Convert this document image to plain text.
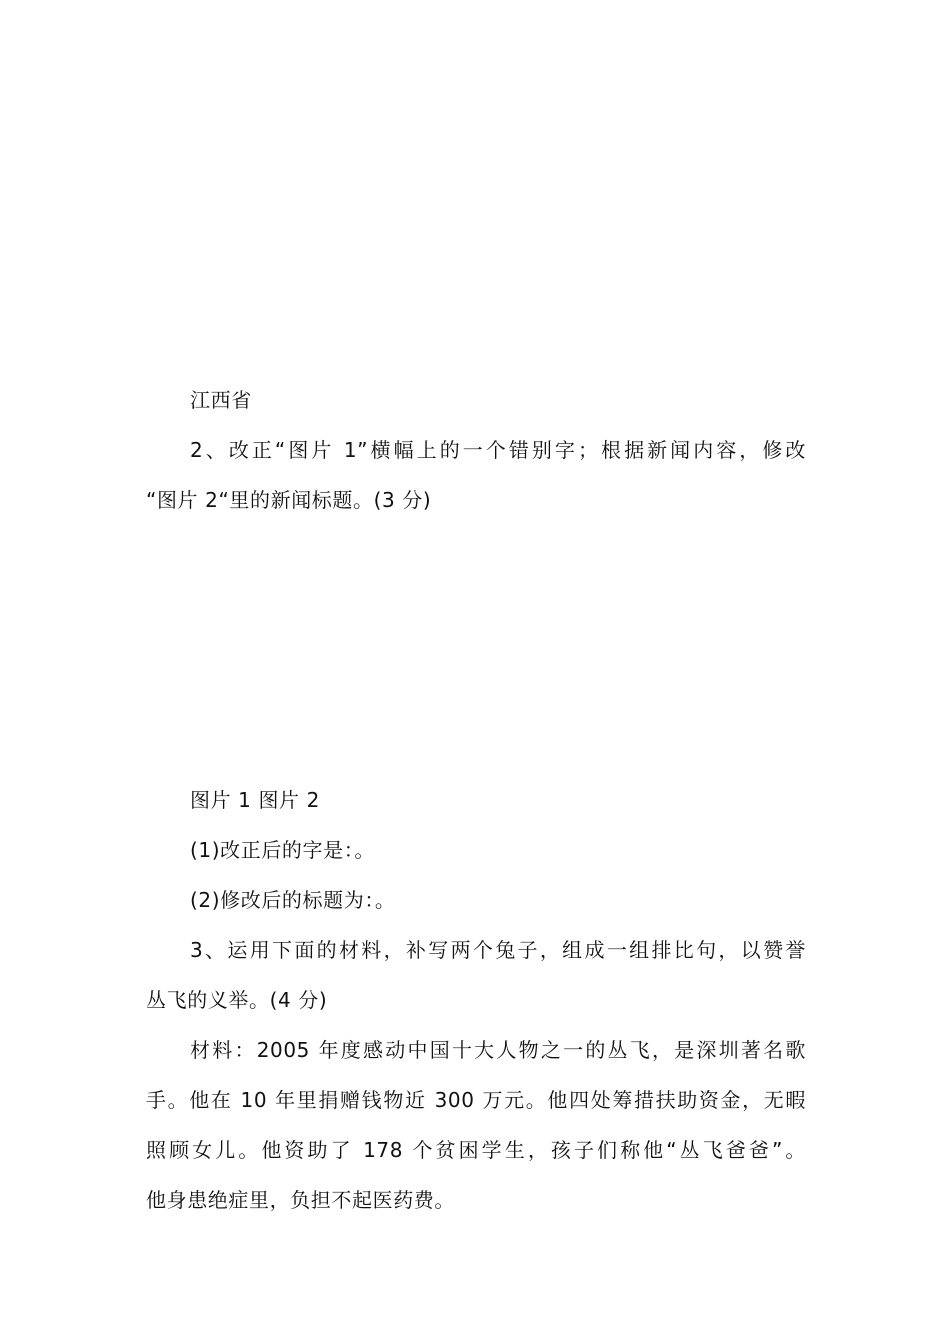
江西省
2、改正“图片 1”横幅上的一个错别字；根据新闻内容，修改
“图片 2“里的新闻标题。(3 分)
图片 1 图片 2
(1)改正后的字是：。
(2)修改后的标题为：。
3、运用下面的材料，补写两个兔子，组成一组排比句，以赞誉
丛飞的义举。(4 分)
材料：2005 年度感动中国十大人物之一的丛飞，是深圳著名歌
手。他在 10 年里捐赠钱物近 300 万元。他四处筹措扶助资金，无暇
照顾女儿。他资助了 178 个贫困学生，孩子们称他“丛飞爸爸”。
他身患绝症里，负担不起医药费。
